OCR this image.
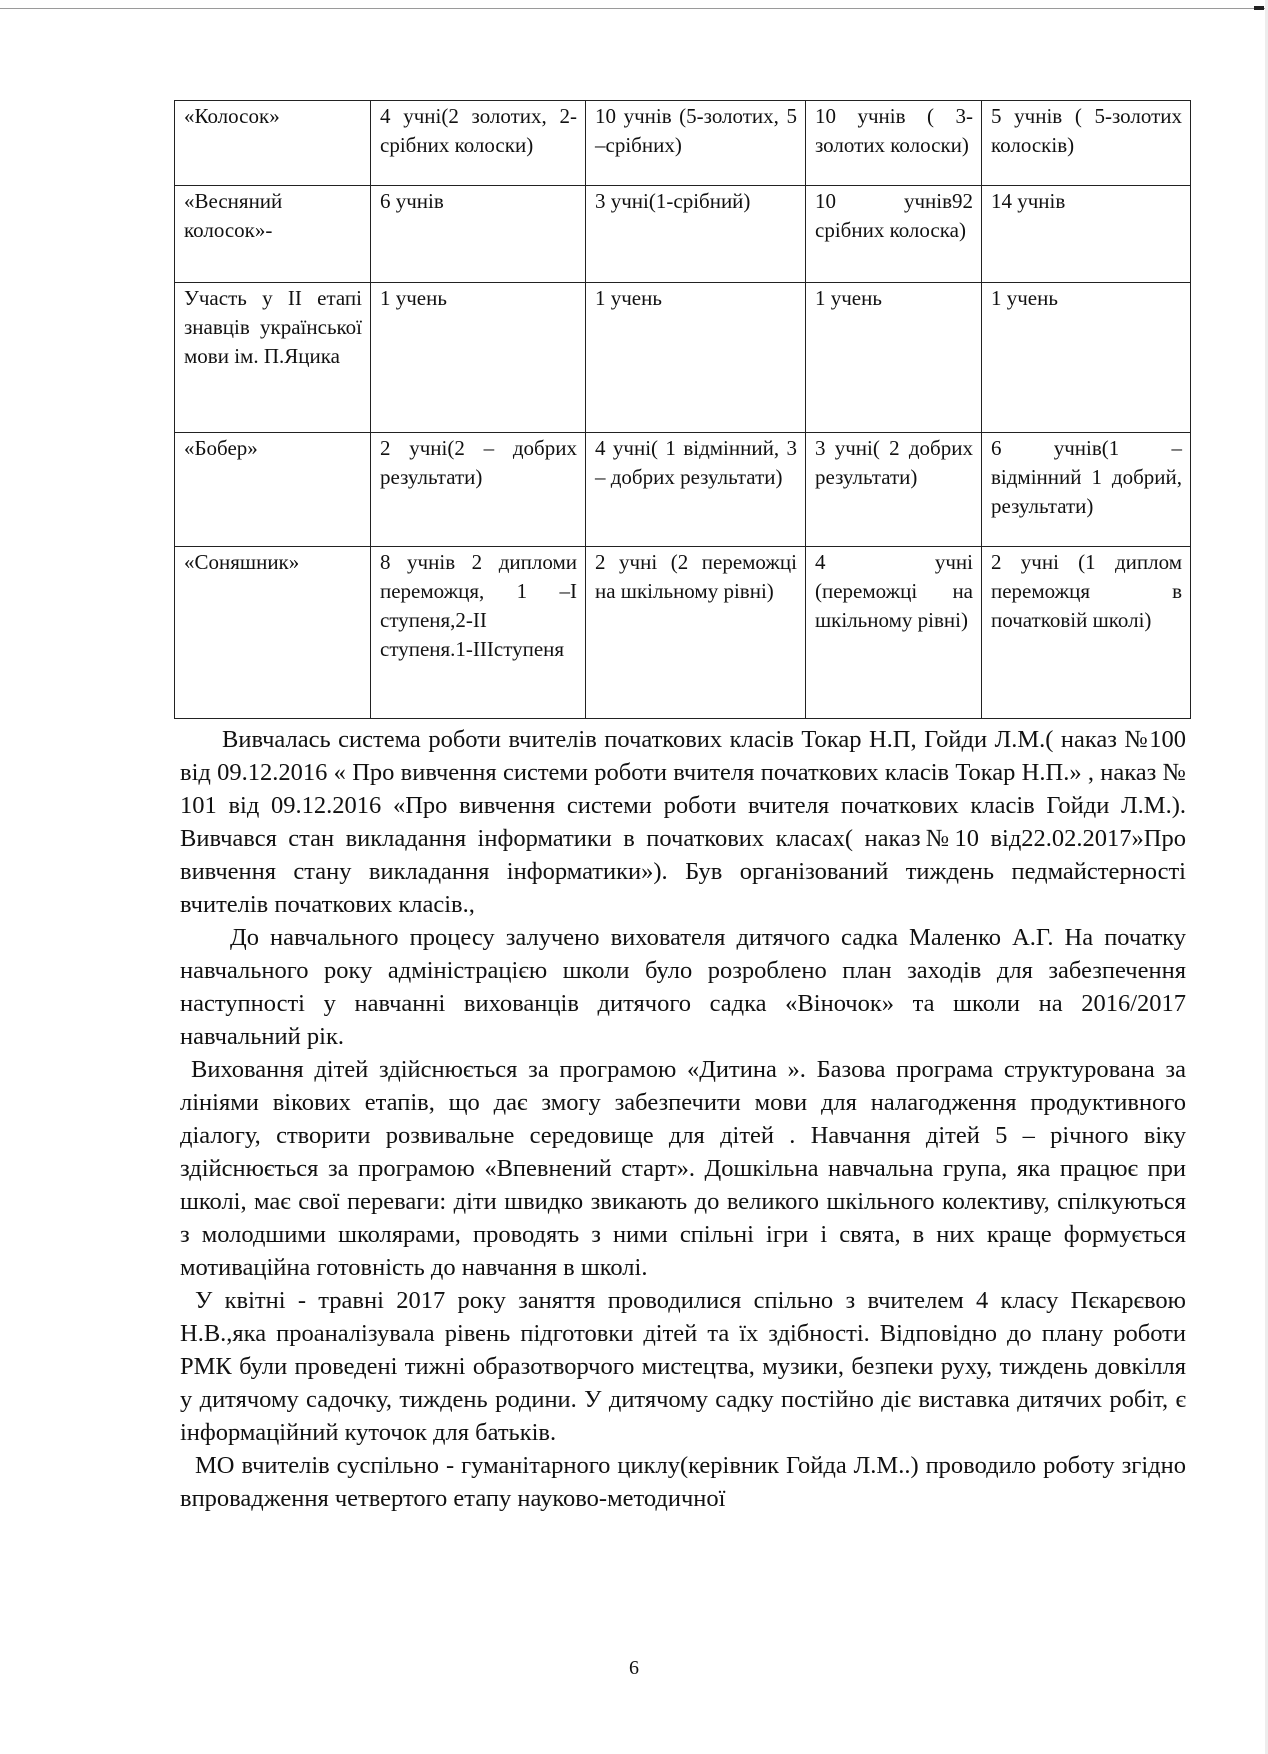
«Колосок»	4 учні(2 золотих, 2- срібних колоски)	10 учнів (5-золотих, 5 –срібних)	10 учнів ( 3-золотих колоски)	5 учнів ( 5-золотих колосків)
«Весняний колосок»-	6 учнів	3 учні(1-срібний)	10 учнів92 срібних колоска)	14 учнів
Участь у ІІ етапі знавців української мови ім. П.Яцика	1 учень	1 учень	1 учень	1 учень
«Бобер»	2 учні(2 – добрих результати)	4 учні( 1 відмінний, 3 – добрих результати)	3 учні( 2 добрих результати)	6 учнів(1 – відмінний 1 добрий, результати)
«Соняшник»	8 учнів 2 дипломи переможця, 1 –І ступеня,2-ІІ ступеня.1-ІІІступеня	2 учні (2 переможці на шкільному рівні)	4 учні (переможці на шкільному рівні)	2 учні (1 диплом переможця в початковій школі)

Вивчалась система роботи вчителів початкових класів Токар Н.П, Гойди Л.М.( наказ №100 від 09.12.2016 « Про вивчення системи роботи вчителя початкових класів Токар Н.П.» , наказ № 101 від 09.12.2016 «Про вивчення системи роботи вчителя початкових класів Гойди Л.М.). Вивчався стан викладання інформатики в початкових класах( наказ№10 від22.02.2017»Про вивчення стану викладання інформатики»). Був організований тиждень педмайстерності вчителів початкових класів.,

До навчального процесу залучено вихователя дитячого садка Маленко А.Г. На початку навчального року адміністрацією школи було розроблено план заходів для забезпечення наступності у навчанні вихованців дитячого садка «Віночок» та школи на 2016/2017 навчальний рік.

Виховання дітей здійснюється за програмою «Дитина ». Базова програма структурована за лініями вікових етапів, що дає змогу забезпечити мови для налагодження продуктивного діалогу, створити розвивальне середовище для дітей . Навчання дітей 5 – річного віку здійснюється за програмою «Впевнений старт». Дошкільна навчальна група, яка працює при школі, має свої переваги: діти швидко звикають до великого шкільного колективу, спілкуються з молодшими школярами, проводять з ними спільні ігри і свята, в них краще формується мотиваційна готовність до навчання в школі.

У квітні - травні 2017 року заняття проводилися спільно з вчителем 4 класу Пєкарєвою Н.В.,яка проаналізувала рівень підготовки дітей та їх здібності. Відповідно до плану роботи РМК були проведені тижні образотворчого мистецтва, музики, безпеки руху, тиждень довкілля у дитячому садочку, тиждень родини. У дитячому садку постійно діє виставка дитячих робіт, є інформаційний куточок для батьків.

МО вчителів суспільно - гуманітарного циклу(керівник Гойда Л.М..) проводило роботу згідно впровадження четвертого етапу науково-методичної

6
